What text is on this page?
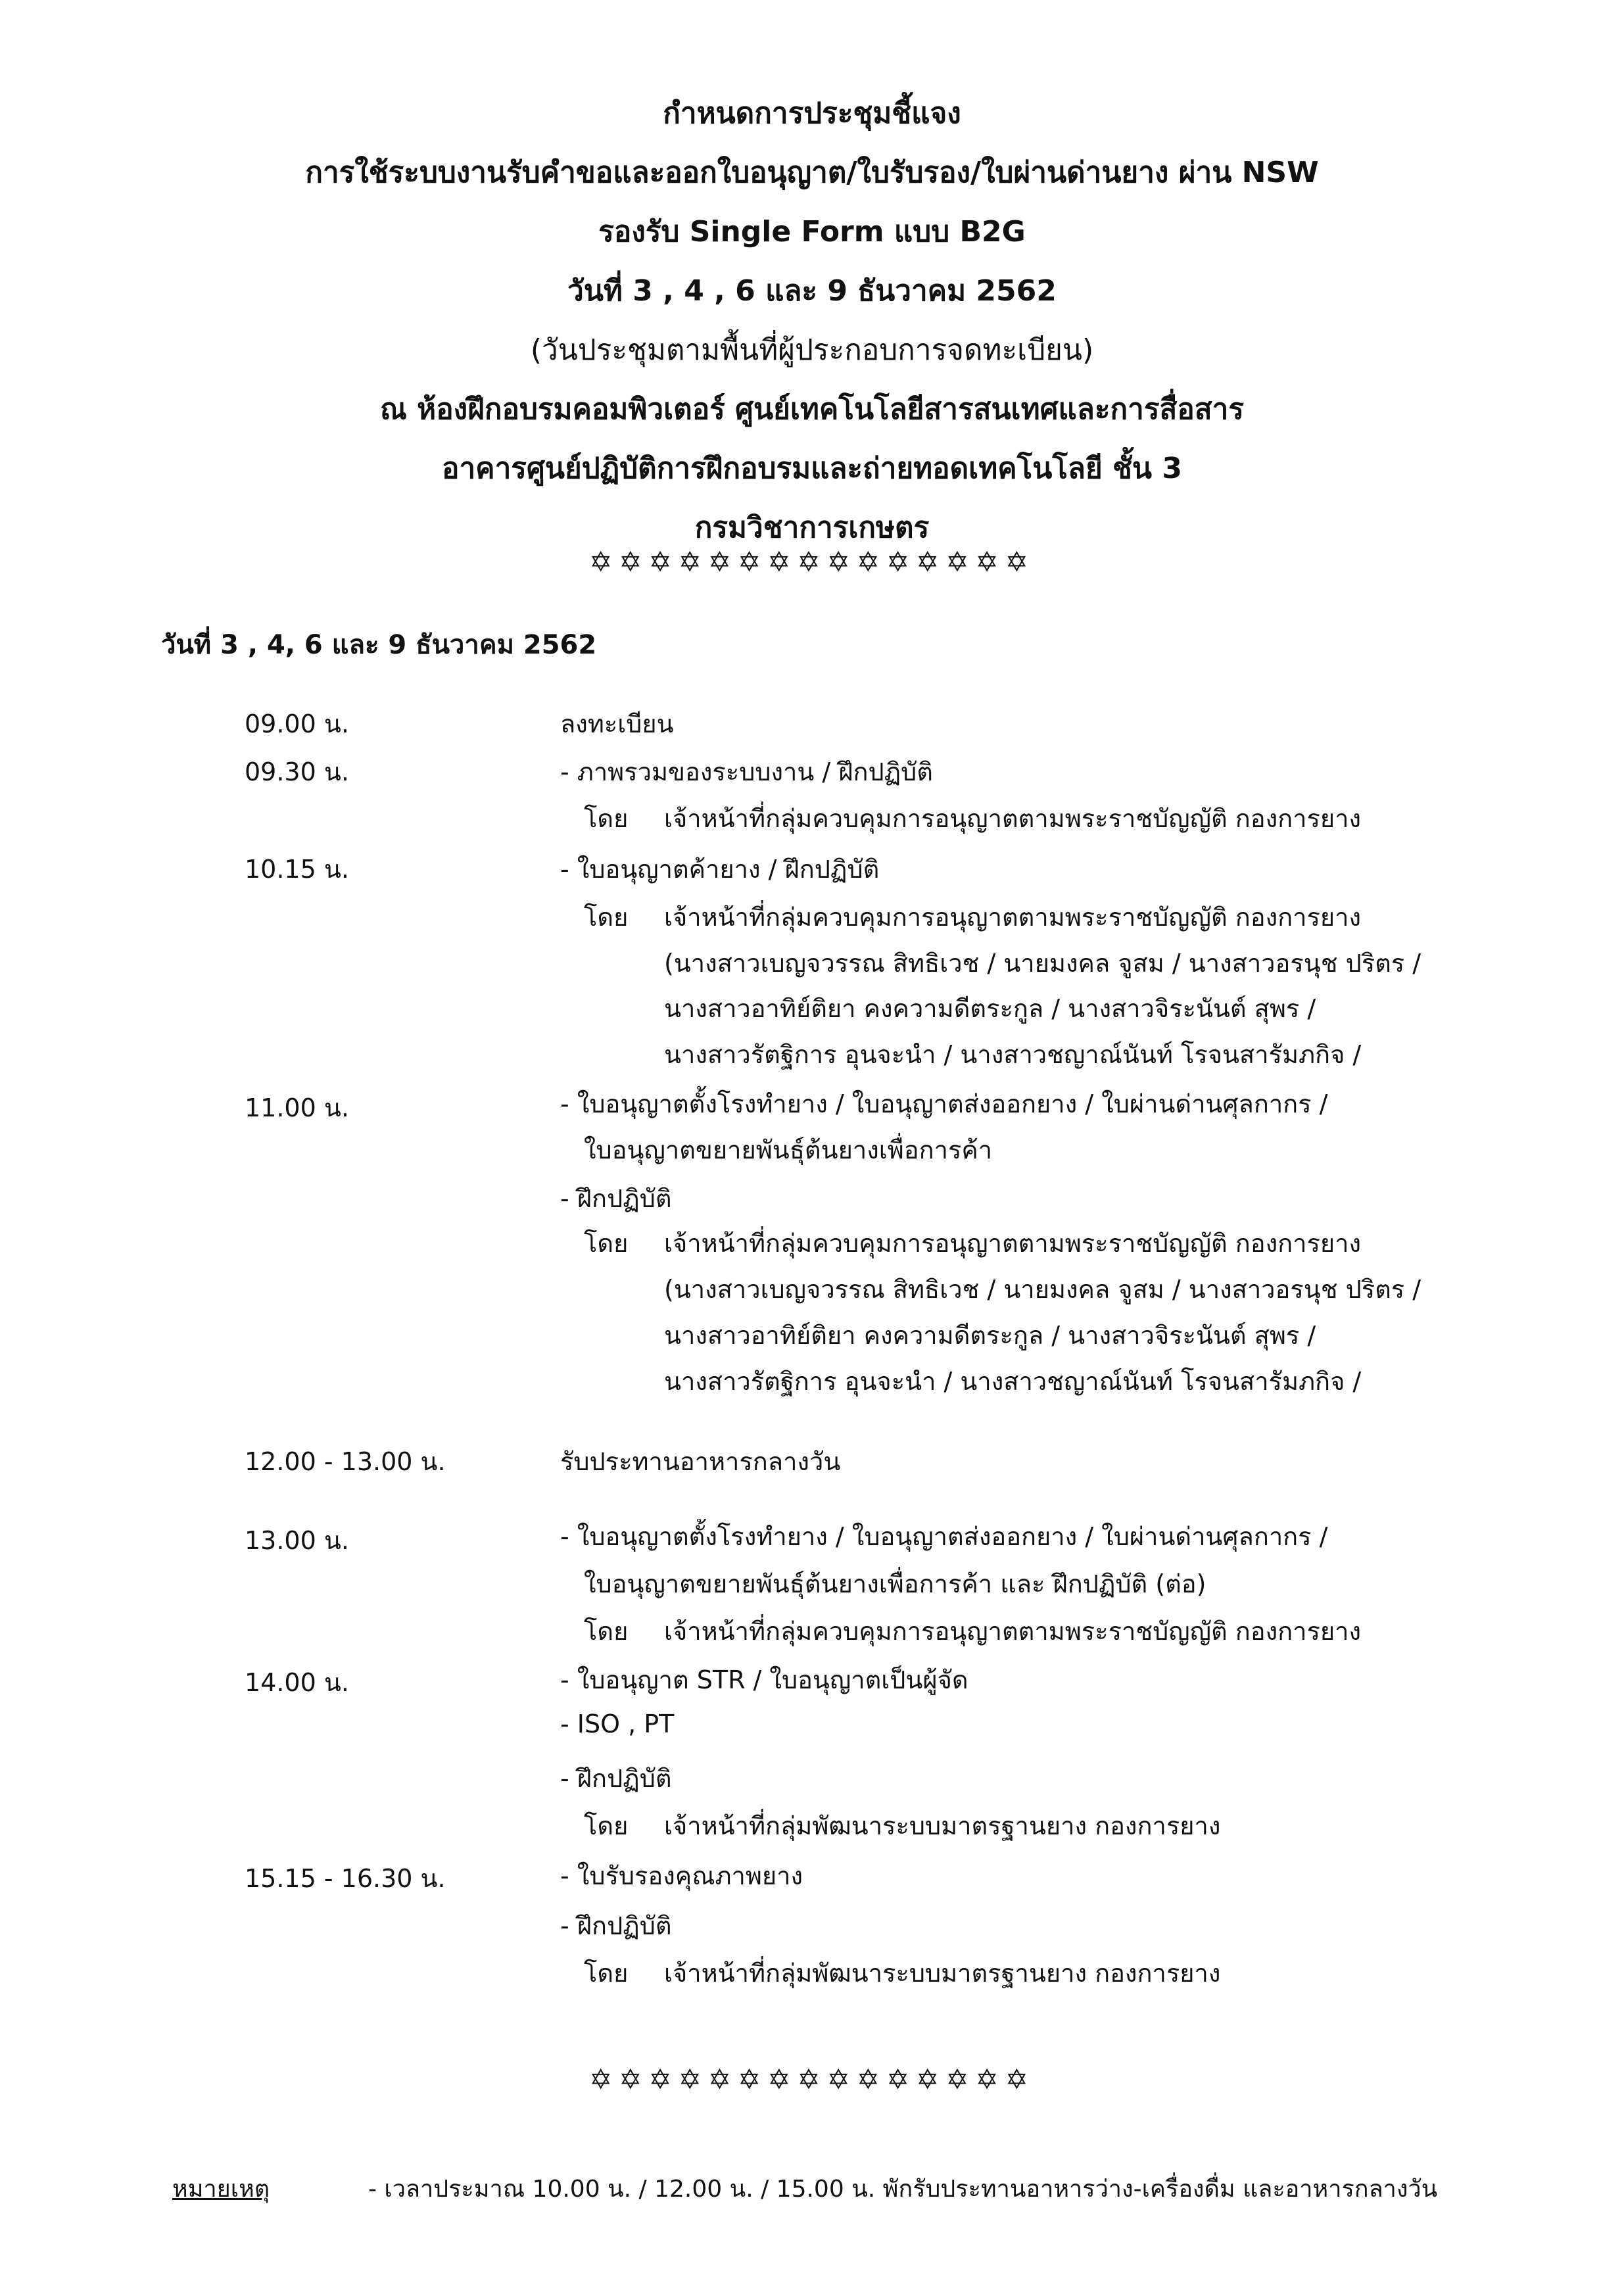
กำหนดการประชุมชี้แจง
การใช้ระบบงานรับคำขอและออกใบอนุญาต/ใบรับรอง/ใบผ่านด่านยาง ผ่าน NSW
รองรับ Single Form แบบ B2G
วันที่ 3 , 4 , 6 และ 9 ธันวาคม 2562
(วันประชุมตามพื้นที่ผู้ประกอบการจดทะเบียน)
ณ ห้องฝึกอบรมคอมพิวเตอร์ ศูนย์เทคโนโลยีสารสนเทศและการสื่อสาร
อาคารศูนย์ปฏิบัติการฝึกอบรมและถ่ายทอดเทคโนโลยี ชั้น 3
กรมวิชาการเกษตร
✡✡✡✡✡✡✡✡✡✡✡✡✡✡✡
วันที่ 3 , 4, 6 และ 9 ธันวาคม 2562
09.00 น.	ลงทะเบียน
09.30 น.	- ภาพรวมของระบบงาน / ฝึกปฏิบัติ
โดย เจ้าหน้าที่กลุ่มควบคุมการอนุญาตตามพระราชบัญญัติ กองการยาง
10.15 น.	- ใบอนุญาตค้ายาง / ฝึกปฏิบัติ
โดย เจ้าหน้าที่กลุ่มควบคุมการอนุญาตตามพระราชบัญญัติ กองการยาง
(นางสาวเบญจวรรณ สิทธิเวช / นายมงคล จูสม / นางสาวอรนุช ปริตร /
นางสาวอาทิย์ติยา คงความดีตระกูล / นางสาวจิระนันต์ สุพร /
นางสาวรัตฐิการ อุนจะนำ / นางสาวชญาณ์นันท์ โรจนสารัมภกิจ /
11.00 น.	- ใบอนุญาตตั้งโรงทำยาง / ใบอนุญาตส่งออกยาง / ใบผ่านด่านศุลกากร /
ใบอนุญาตขยายพันธุ์ต้นยางเพื่อการค้า
- ฝึกปฏิบัติ
โดย เจ้าหน้าที่กลุ่มควบคุมการอนุญาตตามพระราชบัญญัติ กองการยาง
(นางสาวเบญจวรรณ สิทธิเวช / นายมงคล จูสม / นางสาวอรนุช ปริตร /
นางสาวอาทิย์ติยา คงความดีตระกูล / นางสาวจิระนันต์ สุพร /
นางสาวรัตฐิการ อุนจะนำ / นางสาวชญาณ์นันท์ โรจนสารัมภกิจ /
12.00 - 13.00 น.	รับประทานอาหารกลางวัน
13.00 น.	- ใบอนุญาตตั้งโรงทำยาง / ใบอนุญาตส่งออกยาง / ใบผ่านด่านศุลกากร /
ใบอนุญาตขยายพันธุ์ต้นยางเพื่อการค้า และ ฝึกปฏิบัติ (ต่อ)
โดย เจ้าหน้าที่กลุ่มควบคุมการอนุญาตตามพระราชบัญญัติ กองการยาง
14.00 น.	- ใบอนุญาต STR / ใบอนุญาตเป็นผู้จัด
- ISO , PT
- ฝึกปฏิบัติ
โดย เจ้าหน้าที่กลุ่มพัฒนาระบบมาตรฐานยาง กองการยาง
15.15 - 16.30 น.	- ใบรับรองคุณภาพยาง
- ฝึกปฏิบัติ
โดย เจ้าหน้าที่กลุ่มพัฒนาระบบมาตรฐานยาง กองการยาง
✡✡✡✡✡✡✡✡✡✡✡✡✡✡✡
หมายเหตุ	- เวลาประมาณ 10.00 น. / 12.00 น. / 15.00 น. พักรับประทานอาหารว่าง-เครื่องดื่ม และอาหารกลางวัน
